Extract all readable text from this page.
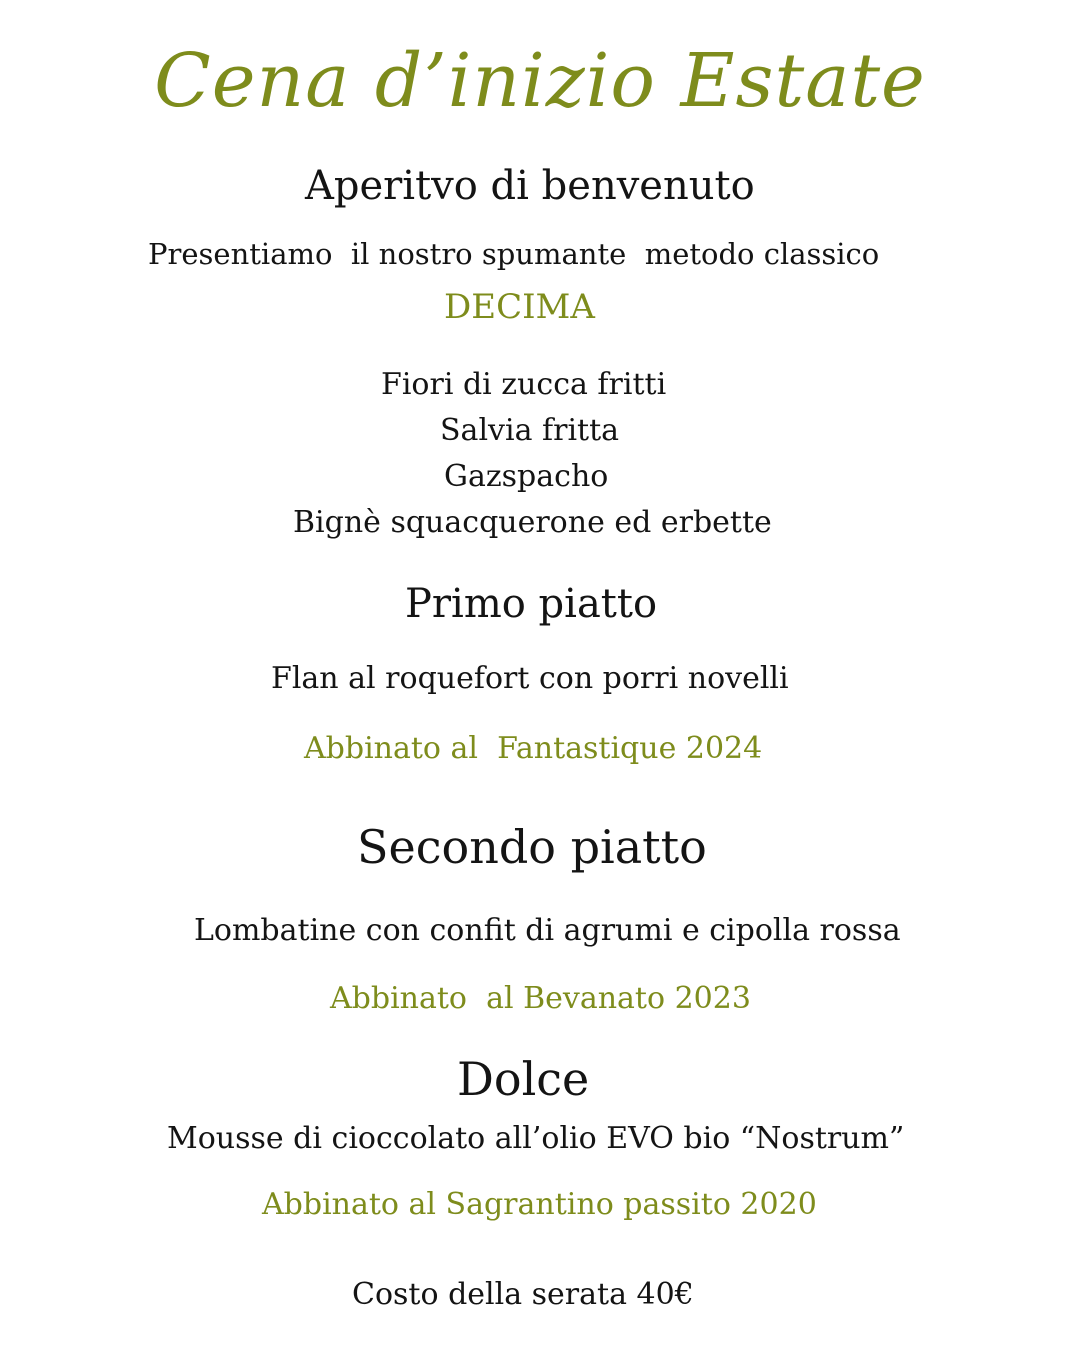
Cena d’inizio Estate
Aperitvo di benvenuto
Presentiamo  il nostro spumante  metodo classico
DECIMA
Fiori di zucca fritti
Salvia fritta
Gazspacho
Bignè squacquerone ed erbette
Primo piatto
Flan al roquefort con porri novelli
Abbinato al  Fantastique 2024
Secondo piatto
Lombatine con confit di agrumi e cipolla rossa
Abbinato  al Bevanato 2023
Dolce
Mousse di cioccolato all’olio EVO bio “Nostrum”
Abbinato al Sagrantino passito 2020
Costo della serata 40€
